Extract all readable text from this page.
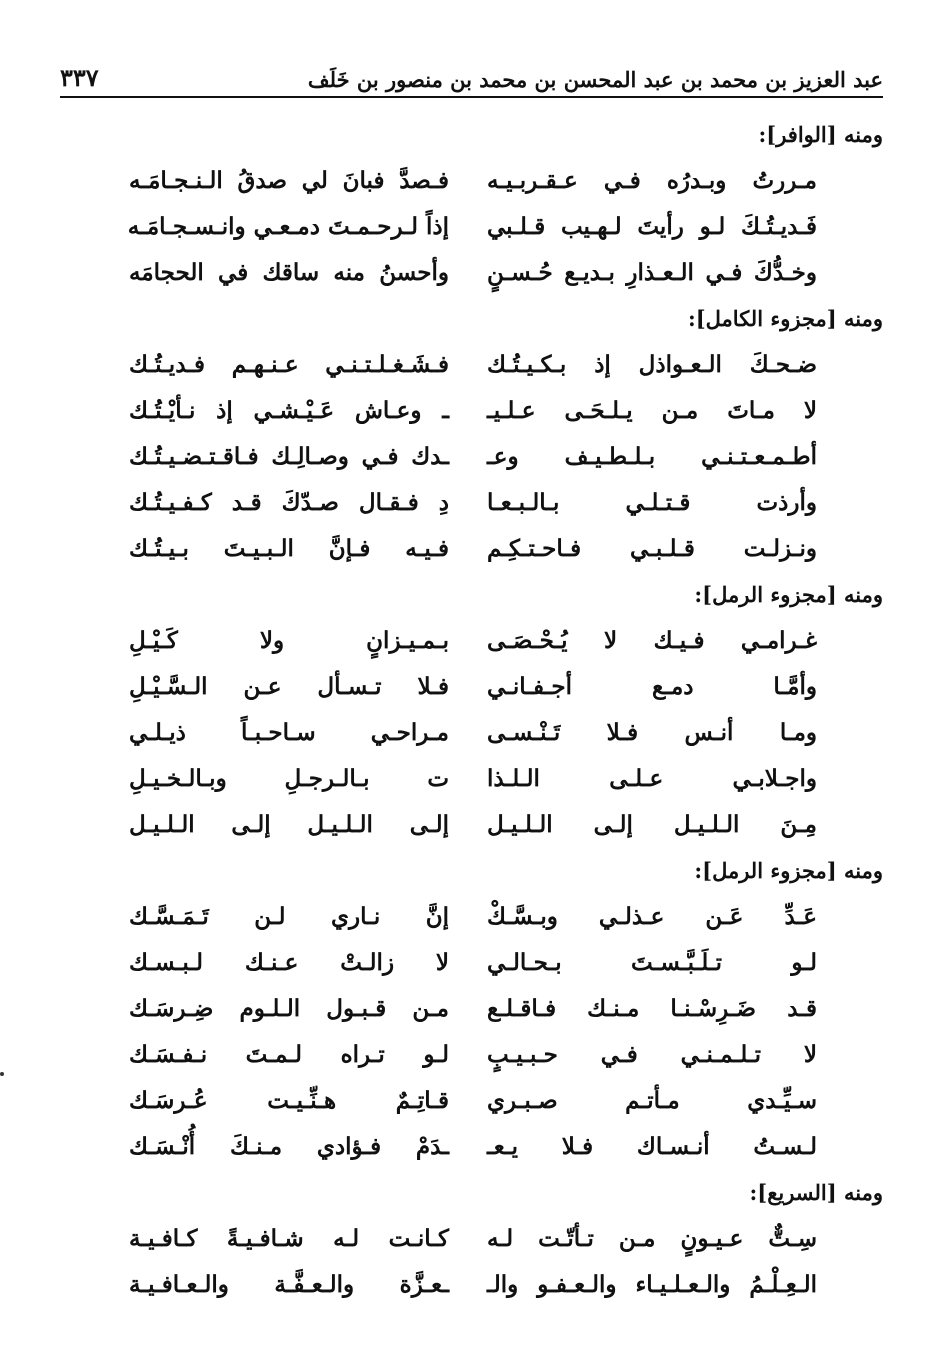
عبد العزيز بن محمد بن عبد المحسن بن محمد بن منصور بن خَلَف
٣٣٧
ومنه [الوافر]:
مـررتُ وبـدرُه فـي عـقـربـيـه
فـصدَّ فبانَ لي صدقُ الـنـجـامَـه
فَـديـتُـكَ لـو رأيتَ لـهـيب قـلـبي
إذاً لـرحـمـتَ دمـعـي وانـسـجـامَـه
وخـدُّكَ فـي الـعـذارِ بـديـع حُـسـنٍ
وأحسنُ منه ساقك في الحجامَه
ومنه [مجزوء الكامل]:
ضـحـكَ الـعـواذل إذ بـكـيـتُـك
فـشَـغـلـتـنـي عـنـهـم فـديـتُـك
لا مـاتَ مـن يـلـحَـى عـلـيـ
ـ وعـاش عَـيْـشـي إذ نـأيْـتُـك
أطـمـعـتـنـي بـلـطـيـف وعـ
ـدك فـي وصـالِـك فـاقـتـضـيـتُـك
وأرذت قـتـلـي بـالـبـعـا
دِ فـقـال صـدّكَ قـد كـفـيـتُـك
ونـزلـت قـلـبـي فـاحـتـكِـم
فـيـه فـإنَّ الـبـيـتَ بـيـتُـك
ومنه [مجزوء الرمل]:
غـرامـي فـيـك لا يُـحْـصَـى
بـمـيـزانٍ ولا كَـيْـلِ
وأمَّـا دمـع أجـفـانـي
فـلا تـسـأل عـن الـسَّـيْـلِ
ومـا أنـس فـلا تَـنْـسـى
مـراحـي سـاحـبـاً ذيـلـي
واجـلابـي عـلـى الـلـذا
ت بـالـرجـلِ وبـالـخـيـلِ
مِـنَ الـلـيـل إلـى الـلـيـل
إلـى الـلـيـل إلـى الـلـيـل
ومنه [مجزوء الرمل]:
عَـدِّ عَـن عـذلـي وبـسَّـكْ
إنَّ نـاري لـن تَـمَـسَّـك
لـو تـلَـبَّـسـتَ بـحـالـي
لا زالـتْ عـنـك لـبـسـك
قـد ضَـرِسْـنـا مـنـك فـاقـلـع
مـن قـبـول الـلـوم ضِـرسَـك
لا تـلـمـنـي فـي حـبـيـبٍ
لـو تـراه لـمـتَ نـفـسَـك
سـيِّـدي مـأتـم صـبـري
قـاتِـمٌ هـنِّـيـت عُـرسَـك
لـسـتُ أنـسـاك فـلا يـعـ
ـدَمْ فـؤادي مـنـكَ أُنْـسَـك
ومنه [السريع]:
سِـتٌّ عـيـونٍ مـن تـأتّـت لـه
كـانـت لـه شـافـيـةً كـافـيـة
الـعِـلْـمُ والـعـلـيـاء والـعـفـو والـ
ـعـزَّة والـعـفَّـة والـعـافـيـة
